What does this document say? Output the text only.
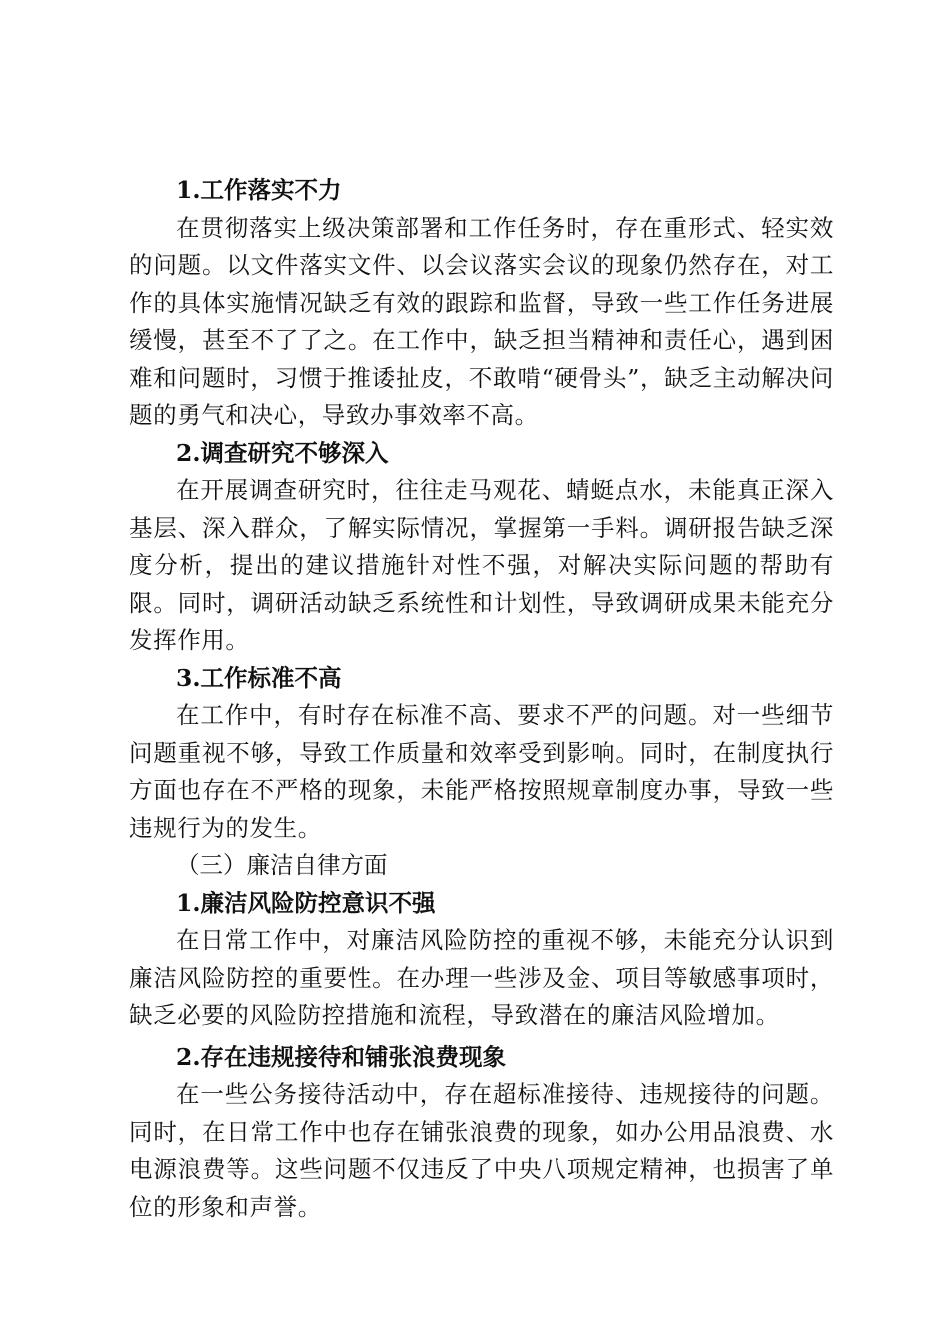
1.工作落实不力

在贯彻落实上级决策部署和工作任务时，存在重形式、轻实效的问题。以文件落实文件、以会议落实会议的现象仍然存在，对工作的具体实施情况缺乏有效的跟踪和监督，导致一些工作任务进展缓慢，甚至不了了之。在工作中，缺乏担当精神和责任心，遇到困难和问题时，习惯于推诿扯皮，不敢啃“硬骨头”，缺乏主动解决问题的勇气和决心，导致办事效率不高。

2.调查研究不够深入

在开展调查研究时，往往走马观花、蜻蜓点水，未能真正深入基层、深入群众，了解实际情况，掌握第一手料。调研报告缺乏深度分析，提出的建议措施针对性不强，对解决实际问题的帮助有限。同时，调研活动缺乏系统性和计划性，导致调研成果未能充分发挥作用。

3.工作标准不高

在工作中，有时存在标准不高、要求不严的问题。对一些细节问题重视不够，导致工作质量和效率受到影响。同时，在制度执行方面也存在不严格的现象，未能严格按照规章制度办事，导致一些违规行为的发生。

（三）廉洁自律方面

1.廉洁风险防控意识不强

在日常工作中，对廉洁风险防控的重视不够，未能充分认识到廉洁风险防控的重要性。在办理一些涉及金、项目等敏感事项时，缺乏必要的风险防控措施和流程，导致潜在的廉洁风险增加。

2.存在违规接待和铺张浪费现象

在一些公务接待活动中，存在超标准接待、违规接待的问题。同时，在日常工作中也存在铺张浪费的现象，如办公用品浪费、水电源浪费等。这些问题不仅违反了中央八项规定精神，也损害了单位的形象和声誉。
